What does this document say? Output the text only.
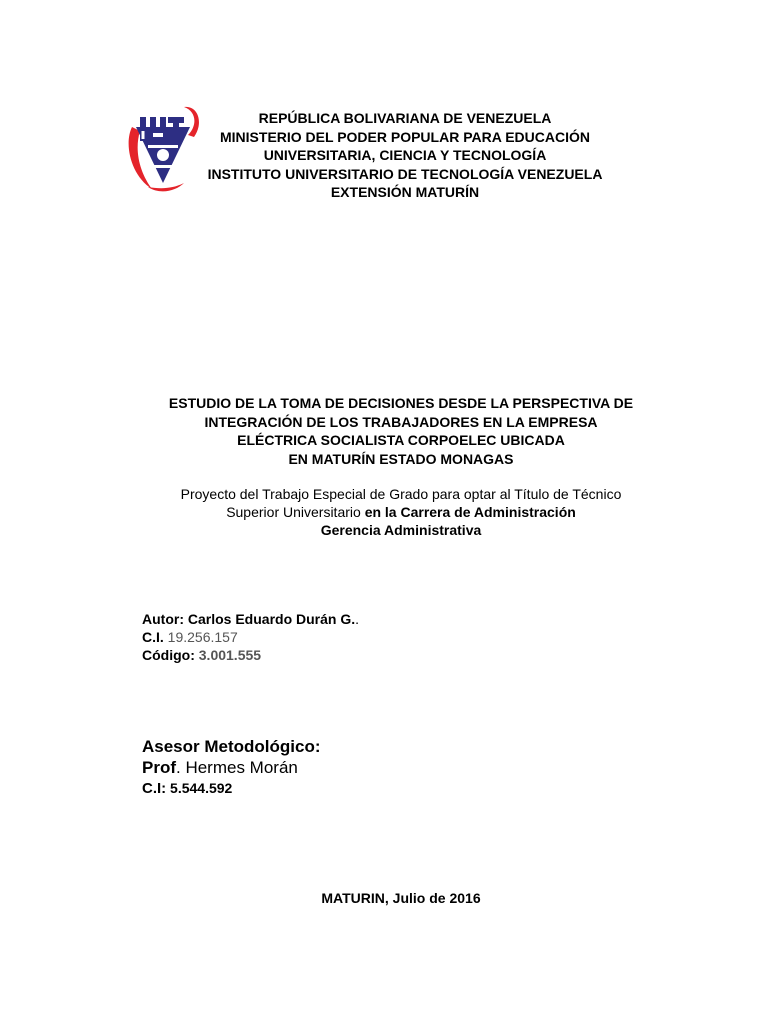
REPÚBLICA BOLIVARIANA DE VENEZUELA
MINISTERIO DEL PODER POPULAR PARA EDUCACIÓN
UNIVERSITARIA, CIENCIA Y TECNOLOGÍA
INSTITUTO UNIVERSITARIO DE TECNOLOGÍA VENEZUELA
EXTENSIÓN MATURÍN
ESTUDIO DE LA TOMA DE DECISIONES DESDE LA PERSPECTIVA DE
INTEGRACIÓN DE LOS TRABAJADORES EN LA EMPRESA
ELÉCTRICA SOCIALISTA CORPOELEC UBICADA
EN MATURÍN ESTADO MONAGAS
Proyecto del Trabajo Especial de Grado para optar al Título de Técnico
Superior Universitario en la Carrera de Administración
Gerencia Administrativa
Autor: Carlos Eduardo Durán G..
C.I. 19.256.157
Código: 3.001.555
Asesor Metodológico:
Prof. Hermes Morán
C.I: 5.544.592
MATURIN, Julio de 2016
